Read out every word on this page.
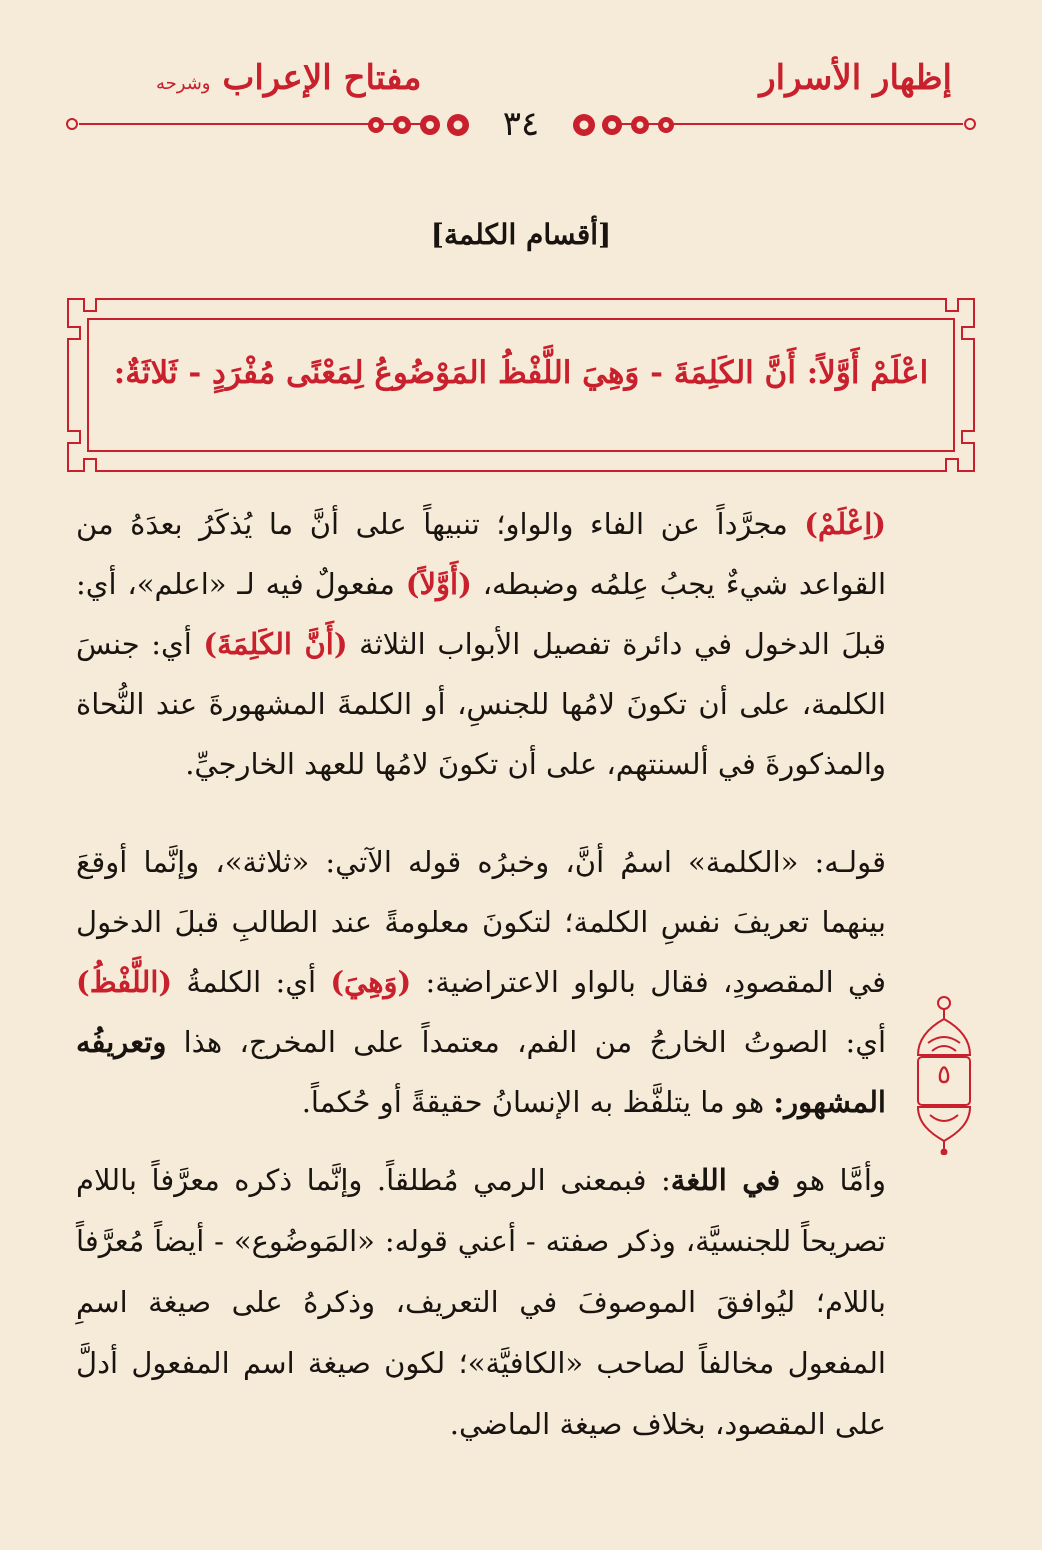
إظهار الأسرار
مفتاح الإعراب وشرحه
٣٤
[أقسام الكلمة]
اعْلَمْ أَوَّلاً: أَنَّ الكَلِمَةَ - وَهِيَ اللَّفْظُ المَوْضُوعُ لِمَعْنًى مُفْرَدٍ - ثَلاثَةٌ:

(اِعْلَمْ) مجرَّداً عن الفاء والواو؛ تنبيهاً على أنَّ ما يُذكَرُ بعدَهُ من القواعد شيءٌ يجبُ عِلمُه وضبطه، (أَوَّلاً) مفعولٌ فيه لـ «اعلم»، أي: قبلَ الدخول في دائرة تفصيل الأبواب الثلاثة (أَنَّ الكَلِمَةَ) أي: جنسَ الكلمة، على أن تكونَ لامُها للجنسِ، أو الكلمةَ المشهورةَ عند النُّحاة والمذكورةَ في ألسنتهم، على أن تكونَ لامُها للعهد الخارجيِّ.

قولـه: «الكلمة» اسمُ أنَّ، وخبرُه قوله الآتي: «ثلاثة»، وإنَّما أوقعَ بينهما تعريفَ نفسِ الكلمة؛ لتكونَ معلومةً عند الطالبِ قبلَ الدخول في المقصودِ، فقال بالواو الاعتراضية: (وَهِيَ) أي: الكلمةُ (اللَّفْظُ) أي: الصوتُ الخارجُ من الفم، معتمداً على المخرج، هذا وتعريفُه المشهور: هو ما يتلفَّظ به الإنسانُ حقيقةً أو حُكماً.

وأمَّا هو في اللغة: فبمعنى الرمي مُطلقاً. وإنَّما ذكره معرَّفاً باللام تصريحاً للجنسيَّة، وذكر صفته - أعني قوله: «المَوضُوع» - أيضاً مُعرَّفاً باللام؛ ليُوافقَ الموصوفَ في التعريف، وذكرهُ على صيغة اسمِ المفعول مخالفاً لصاحب «الكافيَّة»؛ لكون صيغة اسم المفعول أدلَّ على المقصود، بخلاف صيغة الماضي.

٥
